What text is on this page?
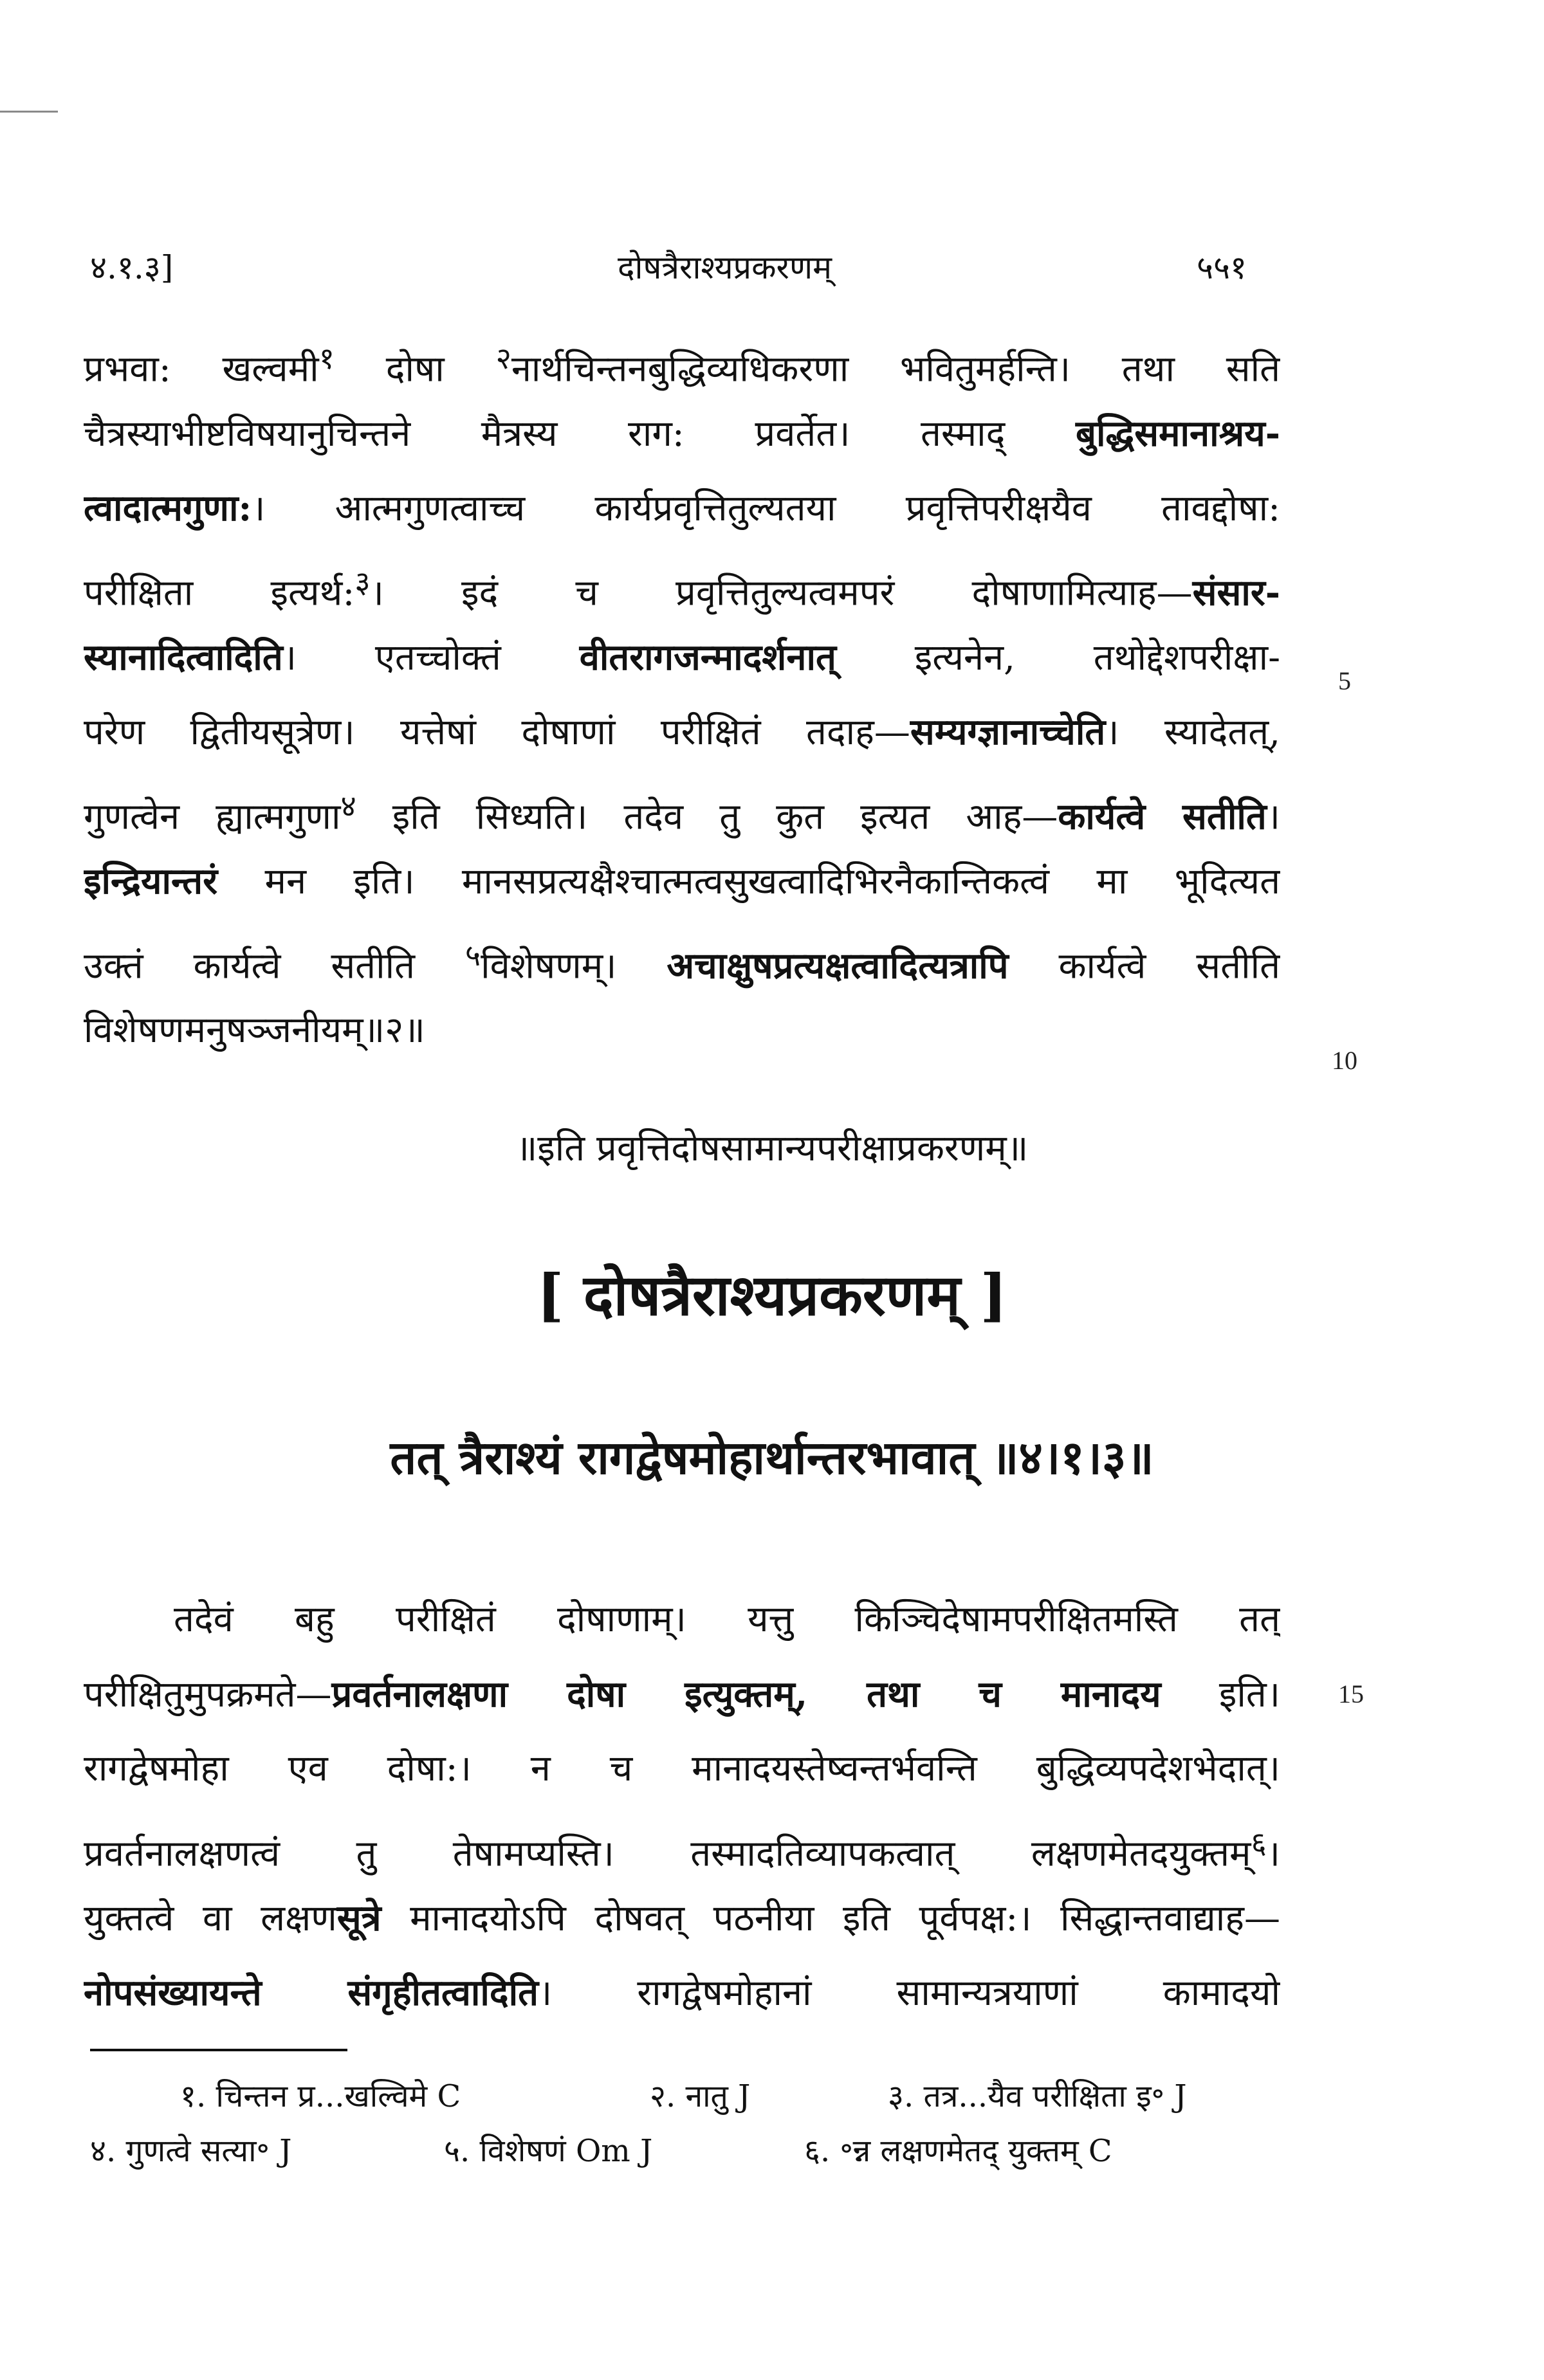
४.१.३]	दोषत्रैराश्यप्रकरणम्	५५१
प्रभवा: खल्वमी$^१$ दोषा $^२$नार्थचिन्तनबुद्धिव्यधिकरणा भवितुमर्हन्ति। तथा सति
चैत्रस्याभीष्टविषयानुचिन्तने मैत्रस्य राग: प्रवर्तेत। तस्माद् बुद्धिसमानाश्रय-
त्वादात्मगुणा:। आत्मगुणत्वाच्च कार्यप्रवृत्तितुल्यतया प्रवृत्तिपरीक्षयैव तावद्दोषा:
परीक्षिता इत्यर्थ:$^३$। इदं च प्रवृत्तितुल्यत्वमपरं दोषाणामित्याह—संसार-
स्यानादित्वादिति। एतच्चोक्तं वीतरागजन्मादर्शनात् इत्यनेन, तथोद्देशपरीक्षा-
परेण द्वितीयसूत्रेण। यत्तेषां दोषाणां परीक्षितं तदाह—सम्यग्ज्ञानाच्चेति। स्यादेतत्,
गुणत्वेन ह्यात्मगुणा$^४$ इति सिध्यति। तदेव तु कुत इत्यत आह—कार्यत्वे सतीति।
इन्द्रियान्तरं मन इति। मानसप्रत्यक्षैश्चात्मत्वसुखत्वादिभिरनैकान्तिकत्वं मा भूदित्यत
उक्तं कार्यत्वे सतीति $^५$विशेषणम्। अचाक्षुषप्रत्यक्षत्वादित्यत्रापि कार्यत्वे सतीति
विशेषणमनुषञ्जनीयम्॥२॥
5
10
॥इति प्रवृत्तिदोषसामान्यपरीक्षाप्रकरणम्॥
[ दोषत्रैराश्यप्रकरणम् ]
तत् त्रैराश्यं रागद्वेषमोहार्थान्तरभावात् ॥४।१।३॥
तदेवं बहु परीक्षितं दोषाणाम्। यत्तु किञ्चिदेषामपरीक्षितमस्ति तत्
परीक्षितुमुपक्रमते—प्रवर्तनालक्षणा दोषा इत्युक्तम्, तथा च मानादय इति।
रागद्वेषमोहा एव दोषा:। न च मानादयस्तेष्वन्तर्भवन्ति बुद्धिव्यपदेशभेदात्।
प्रवर्तनालक्षणत्वं तु तेषामप्यस्ति। तस्मादतिव्यापकत्वात् लक्षणमेतदयुक्तम्$^६$।
युक्तत्वे वा लक्षणसूत्रे मानादयोऽपि दोषवत् पठनीया इति पूर्वपक्ष:। सिद्धान्तवाद्याह—
नोपसंख्यायन्ते संगृहीतत्वादिति। रागद्वेषमोहानां सामान्यत्रयाणां कामादयो
15
१. चिन्तन प्र...खल्विमे C	२. नातु J	३. तत्र...यैव परीक्षिता इ॰ J
४. गुणत्वे सत्या॰ J	५. विशेषणं Om J	६. ॰न्न लक्षणमेतद् युक्तम् C
